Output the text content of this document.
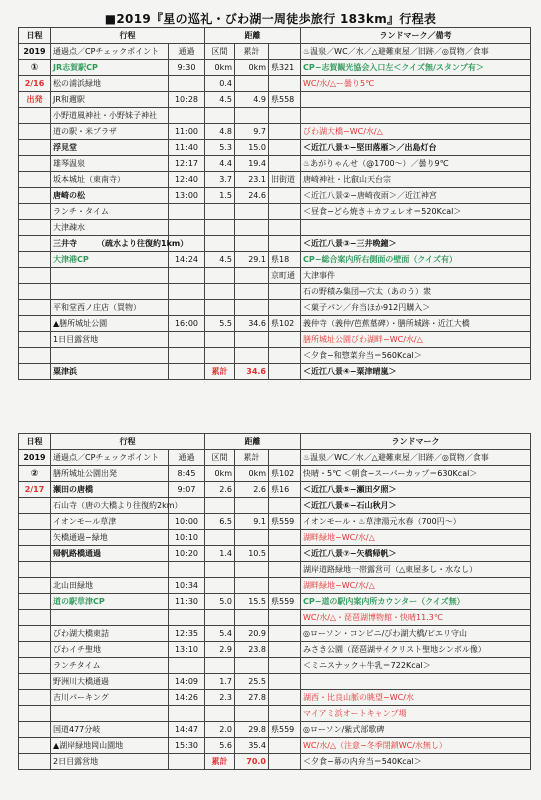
■2019『星の巡礼・びわ湖一周徒歩旅行 183km』行程表
日程	行程		距離			ランドマーク／備考
2019	通過点／CPチェックポイント	通過	区間	累計		♨温泉／WC／水／△避難東屋／旧跡／◎買物／食事
①	JR志賀駅CP	9:30	0km	0km	県321	CP−志賀観光協会入口左＜クイズ無/スタンプ有＞
2/16	松の浦浜緑地		0.4			WC/水/△ー曇り5℃
出発	JR和邇駅	10:28	4.5	4.9	県558	
	小野道風神社・小野妹子神社					
	道の駅・米プラザ	11:00	4.8	9.7		びわ湖大橋−WC/水/△
	浮見堂	11:40	5.3	15.0		＜近江八景①−堅田落雁＞／出島灯台
	雄琴温泉	12:17	4.4	19.4		♨あがりゃんせ（@1700〜）／曇り9℃
	坂本城址（東南寺）	12:40	3.7	23.1	旧街道	唐崎神社・比叡山天台宗
	唐崎の松	13:00	1.5	24.6		＜近江八景②−唐崎夜雨＞／近江神宮
	ランチ・タイム					＜昼食−どら焼き＋カフェレオ＝520Kcal＞
	大津疎水					
	三井寺　　　（疏水より往復約1km）					＜近江八景③−三井晩鐘＞
	大津港CP	14:24	4.5	29.1	県18	CP−総合案内所右側面の壁面（クイズ有）
					京町通	大津事件
						石の野積み集団—穴太（あのう）衆
	平和堂西ノ庄店（買物）					＜菓子パン／弁当ほか912円購入＞
	▲膳所城址公園	16:00	5.5	34.6	県102	義仲寺（義仲/芭蕉墓碑）・膳所城跡・近江大橋
	1日目露営地					膳所城址公園びわ湖畔−WC/水/△
						＜夕食−和惣菜弁当＝560Kcal＞
	粟津浜		累計	34.6		＜近江八景④−粟津晴嵐＞
日程	行程		距離			ランドマーク
2019	通過点／CPチェックポイント	通過	区間	累計		♨温泉／WC／水／△避難東屋／旧跡／◎買物／食事
②	膳所城址公園出発	8:45	0km	0km	県102	快晴・5℃ ＜朝食−スーパーカップ＝630Kcal＞
2/17	瀬田の唐橋	9:07	2.6	2.6	県16	＜近江八景⑤−瀬田夕照＞
	石山寺（唐の大橋より往復約2km）					＜近江八景⑥−石山秋月＞
	イオンモール草津	10:00	6.5	9.1	県559	イオンモール・♨草津湯元水春（700円〜）
	矢橋通過−緑地	10:10				湖畔緑地−WC/水/△
	帰帆路橋通過	10:20	1.4	10.5		＜近江八景⑦−矢橋帰帆＞
						湖岸道路緑地一帯露営可（△東屋多し・水なし）
	北山田緑地	10:34				湖畔緑地−WC/水/△
	道の駅草津CP	11:30	5.0	15.5	県559	CP−道の駅内案内所カウンター（クイズ無）
						WC/水/△・琵琶湖博物館・快晴11.3℃
	びわ湖大橋東詰	12:35	5.4	20.9		◎ローソン・コンビニ/びわ湖大橋/ピエリ守山
	びわイチ聖地	13:10	2.9	23.8		みさき公園（琵琶湖サイクリスト聖地シンボル像）
	ランチタイム					＜ミニスナック＋牛乳＝722Kcal＞
	野洲川大橋通過	14:09	1.7	25.5		
	吉川パーキング	14:26	2.3	27.8		湖西・比良山脈の眺望−WC/水
						マイアミ浜オートキャンプ場
	国道477分岐	14:47	2.0	29.8	県559	◎ローソン/紫式部歌碑
	▲湖岸緑地岡山園地	15:30	5.6	35.4		WC/水/△（注意−冬季閉鎖WC/水無し）
	2日目露営地		累計	70.0		＜夕食−幕の内弁当＝540Kcal＞
